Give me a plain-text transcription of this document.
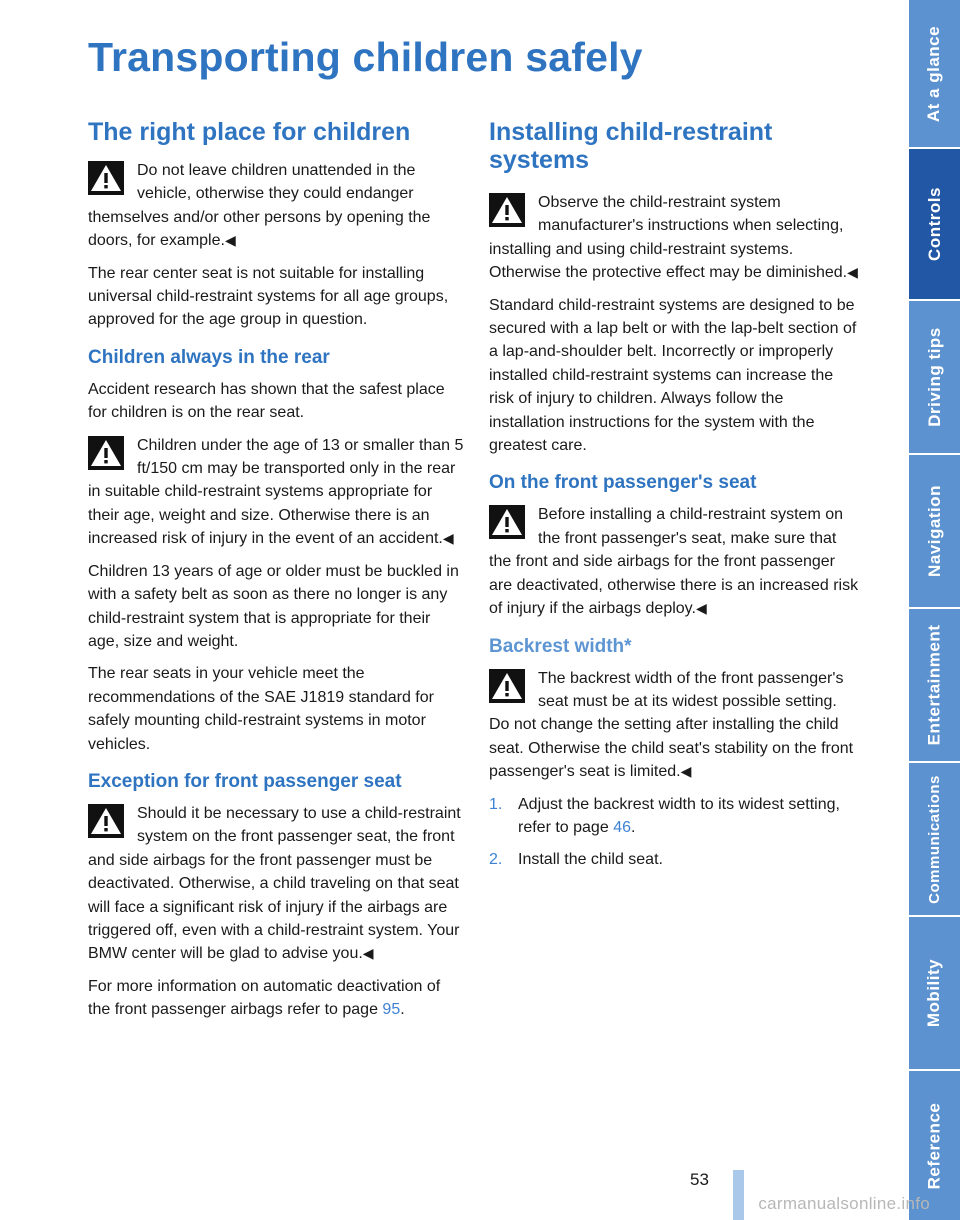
Transporting children safely
The right place for children

Do not leave children unattended in the vehicle, otherwise they could endanger themselves and/or other persons by opening the doors, for example.◀

The rear center seat is not suitable for installing universal child-restraint systems for all age groups, approved for the age group in question.

Children always in the rear

Accident research has shown that the safest place for children is on the rear seat.

Children under the age of 13 or smaller than 5 ft/150 cm may be transported only in the rear in suitable child-restraint systems appropriate for their age, weight and size. Otherwise there is an increased risk of injury in the event of an accident.◀

Children 13 years of age or older must be buckled in with a safety belt as soon as there no longer is any child-restraint system that is appropriate for their age, size and weight.

The rear seats in your vehicle meet the recommendations of the SAE J1819 standard for safely mounting child-restraint systems in motor vehicles.

Exception for front passenger seat

Should it be necessary to use a child-restraint system on the front passenger seat, the front and side airbags for the front passenger must be deactivated. Otherwise, a child traveling on that seat will face a significant risk of injury if the airbags are triggered off, even with a child-restraint system. Your BMW center will be glad to advise you.◀

For more information on automatic deactivation of the front passenger airbags refer to page 95.

Installing child-restraint systems

Observe the child-restraint system manufacturer's instructions when selecting, installing and using child-restraint systems. Otherwise the protective effect may be diminished.◀

Standard child-restraint systems are designed to be secured with a lap belt or with the lap-belt section of a lap-and-shoulder belt. Incorrectly or improperly installed child-restraint systems can increase the risk of injury to children. Always follow the installation instructions for the system with the greatest care.

On the front passenger's seat

Before installing a child-restraint system on the front passenger's seat, make sure that the front and side airbags for the front passenger are deactivated, otherwise there is an increased risk of injury if the airbags deploy.◀

Backrest width*

The backrest width of the front passenger's seat must be at its widest possible setting. Do not change the setting after installing the child seat. Otherwise the child seat's stability on the front passenger's seat is limited.◀

1. Adjust the backrest width to its widest setting, refer to page 46.
2. Install the child seat.
At a glance
Controls
Driving tips
Navigation
Entertainment
Communications
Mobility
Reference
53
carmanualsonline.info
